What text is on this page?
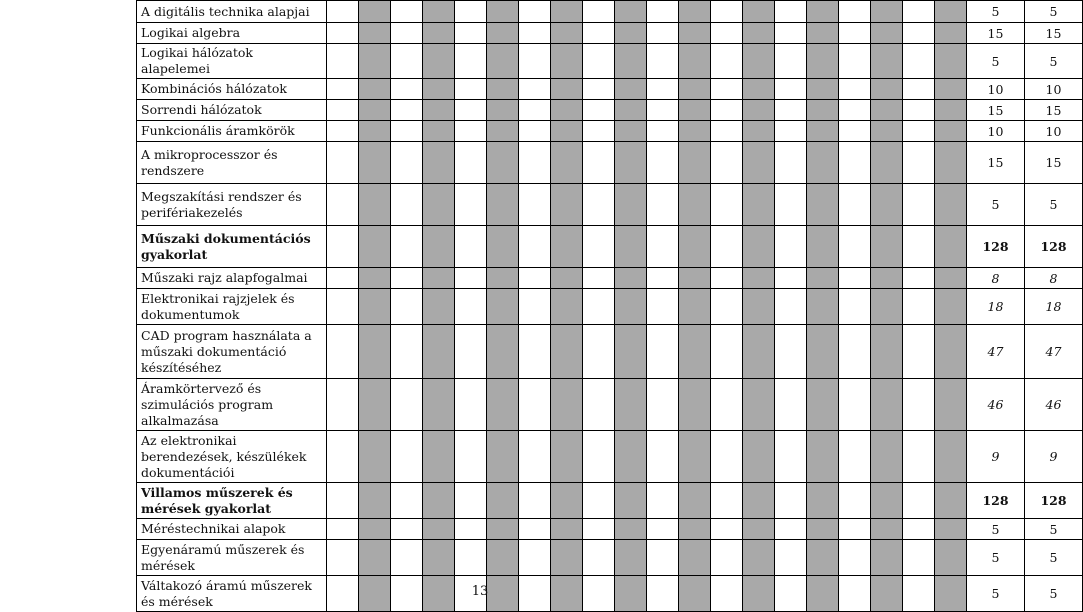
A digitális technika alapjai																					5	5
Logikai algebra																					15	15
Logikai hálózatok alapelemei																					5	5
Kombinációs hálózatok																					10	10
Sorrendi hálózatok																					15	15
Funkcionális áramkörök																					10	10
A mikroprocesszor és rendszere																					15	15
Megszakítási rendszer és perifériakezelés																					5	5
Műszaki dokumentációs gyakorlat																					128	128
Műszaki rajz alapfogalmai																					8	8
Elektronikai rajzjelek és dokumentumok																					18	18
CAD program használata a műszaki dokumentáció készítéséhez																					47	47
Áramkörtervező és szimulációs program alkalmazása																					46	46
Az elektronikai berendezések, készülékek dokumentációi																					9	9
Villamos műszerek és mérések gyakorlat																					128	128
Méréstechnikai alapok																					5	5
Egyenáramú műszerek és mérések																					5	5
Váltakozó áramú műszerek és mérések																					5	5
13
